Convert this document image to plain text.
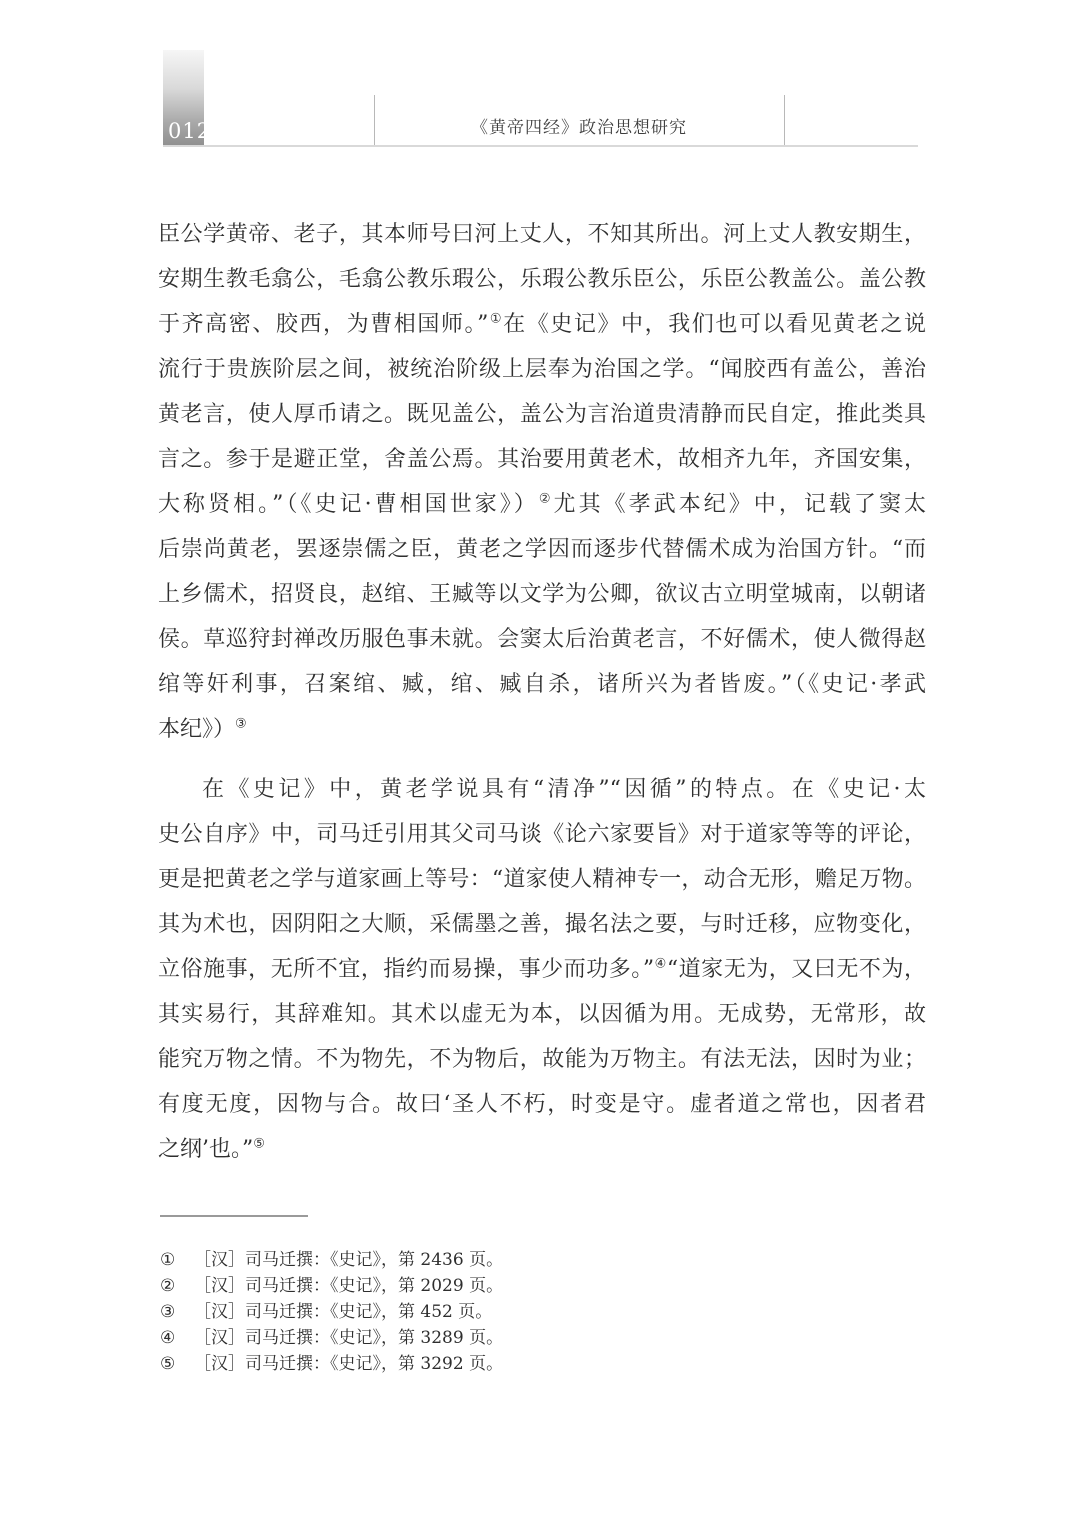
012	《黄帝四经》政治思想研究
臣公学黄帝、老子，其本师号曰河上丈人，不知其所出。河上丈人教安期生，
安期生教毛翕公，毛翕公教乐瑕公，乐瑕公教乐臣公，乐臣公教盖公。盖公教
于齐高密、胶西，为曹相国师。”①在《史记》中，我们也可以看见黄老之说
流行于贵族阶层之间，被统治阶级上层奉为治国之学。“闻胶西有盖公，善治
黄老言，使人厚币请之。既见盖公，盖公为言治道贵清静而民自定，推此类具
言之。参于是避正堂，舍盖公焉。其治要用黄老术，故相齐九年，齐国安集，
大称贤相。”（《史记·曹相国世家》）②尤其《孝武本纪》中，记载了窦太
后崇尚黄老，罢逐崇儒之臣，黄老之学因而逐步代替儒术成为治国方针。“而
上乡儒术，招贤良，赵绾、王臧等以文学为公卿，欲议古立明堂城南，以朝诸
侯。草巡狩封禅改历服色事未就。会窦太后治黄老言，不好儒术，使人微得赵
绾等奸利事，召案绾、臧，绾、臧自杀，诸所兴为者皆废。”（《史记·孝武
本纪》）③
在《史记》中，黄老学说具有“清净”“因循”的特点。在《史记·太
史公自序》中，司马迁引用其父司马谈《论六家要旨》对于道家等等的评论，
更是把黄老之学与道家画上等号：“道家使人精神专一，动合无形，赡足万物。
其为术也，因阴阳之大顺，采儒墨之善，撮名法之要，与时迁移，应物变化，
立俗施事，无所不宜，指约而易操，事少而功多。”④“道家无为，又曰无不为，
其实易行，其辞难知。其术以虚无为本，以因循为用。无成势，无常形，故
能究万物之情。不为物先，不为物后，故能为万物主。有法无法，因时为业；
有度无度，因物与合。故曰‘圣人不朽，时变是守。虚者道之常也，因者君
之纲’也。”⑤
①	［汉］司马迁撰：《史记》，第 2436 页。
②	［汉］司马迁撰：《史记》，第 2029 页。
③	［汉］司马迁撰：《史记》，第 452 页。
④	［汉］司马迁撰：《史记》，第 3289 页。
⑤	［汉］司马迁撰：《史记》，第 3292 页。
